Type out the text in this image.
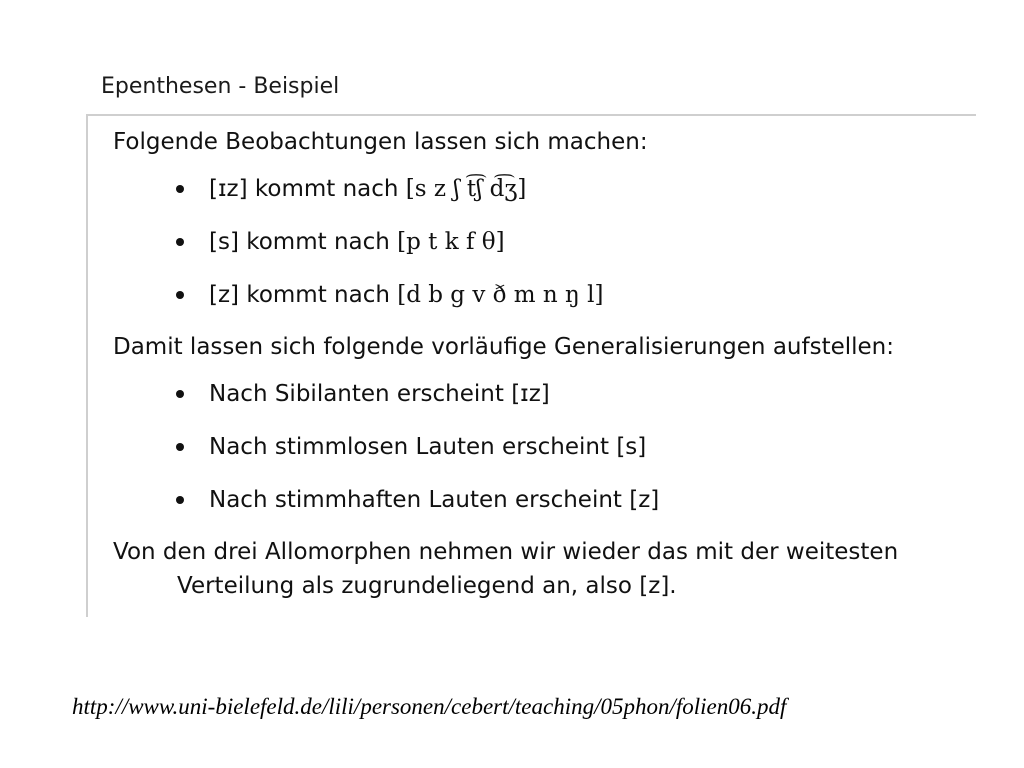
Epenthesen - Beispiel
Folgende Beobachtungen lassen sich machen:
[ɪz] kommt nach [s z ʃ t͡ʃ d͡ʒ]
[s] kommt nach [p t k f θ]
[z] kommt nach [d b g v ð m n ŋ l]
Damit lassen sich folgende vorläufige Generalisierungen aufstellen:
Nach Sibilanten erscheint [ɪz]
Nach stimmlosen Lauten erscheint [s]
Nach stimmhaften Lauten erscheint [z]
Von den drei Allomorphen nehmen wir wieder das mit der weitesten
Verteilung als zugrundeliegend an, also [z].
http://www.uni-bielefeld.de/lili/personen/cebert/teaching/05phon/folien06.pdf
